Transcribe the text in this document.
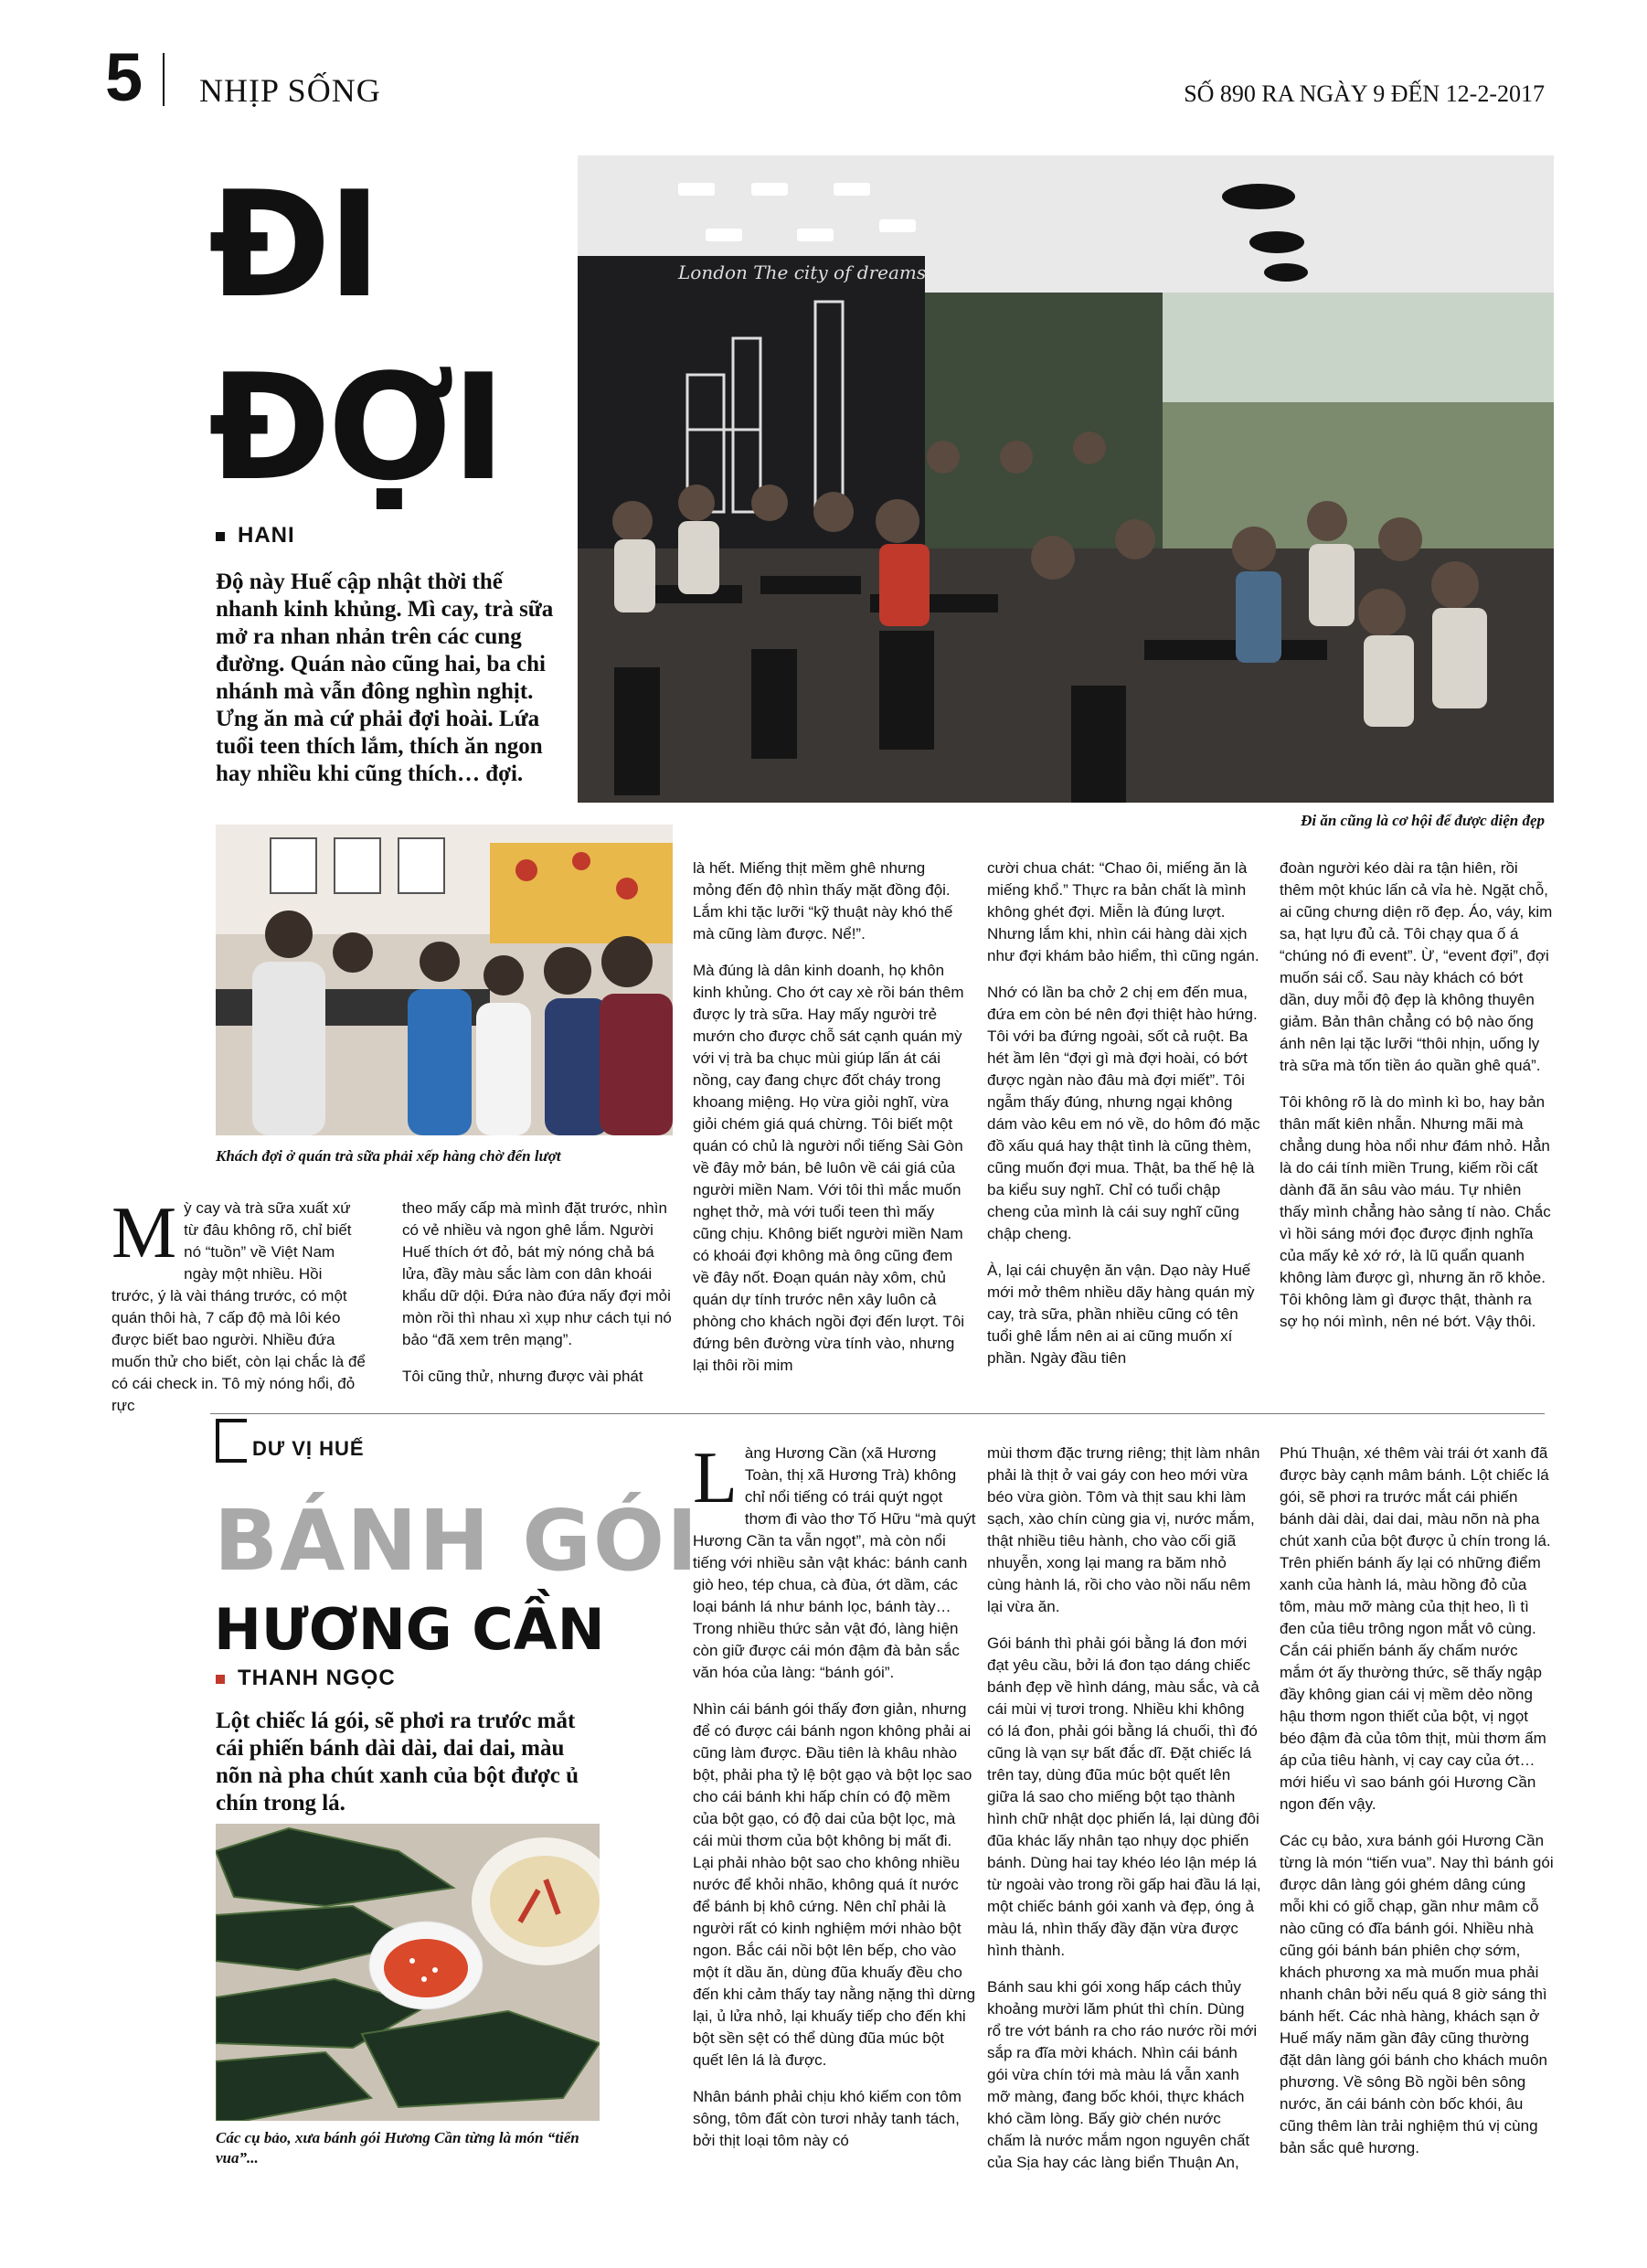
5 NHỊP SỐNG	SỐ 890 RA NGÀY 9 ĐẾN 12-2-2017
ĐI
ĐỢI
HANI
Độ này Huế cập nhật thời thế nhanh kinh khủng. Mì cay, trà sữa mở ra nhan nhản trên các cung đường. Quán nào cũng hai, ba chi nhánh mà vẫn đông nghìn nghịt. Ưng ăn mà cứ phải đợi hoài. Lứa tuổi teen thích lắm, thích ăn ngon hay nhiều khi cũng thích… đợi.
London The city of dreams
Đi ăn cũng là cơ hội để được diện đẹp
Khách đợi ở quán trà sữa phải xếp hàng chờ đến lượt
Mỳ cay và trà sữa xuất xứ từ đâu không rõ, chỉ biết nó “tuồn” về Việt Nam ngày một nhiều. Hồi trước, ý là vài tháng trước, có một quán thôi hà, 7 cấp độ mà lôi kéo được biết bao người. Nhiều đứa muốn thử cho biết, còn lại chắc là để có cái check in. Tô mỳ nóng hổi, đỏ rực

theo mấy cấp mà mình đặt trước, nhìn có vẻ nhiều và ngon ghê lắm. Người Huế thích ớt đỏ, bát mỳ nóng chả bá lửa, đầy màu sắc làm con dân khoái khẩu dữ dội. Đứa nào đứa nấy đợi mỏi mòn rồi thì nhau xì xụp như cách tụi nó bảo “đã xem trên mạng”.

Tôi cũng thử, nhưng được vài phát

là hết. Miếng thịt mềm ghê nhưng mỏng đến độ nhìn thấy mặt đồng đội. Lắm khi tặc lưỡi “kỹ thuật này khó thế mà cũng làm được. Nể!”.

Mà đúng là dân kinh doanh, họ khôn kinh khủng. Cho ớt cay xè rồi bán thêm được ly trà sữa. Hay mấy người trẻ mướn cho được chỗ sát cạnh quán mỳ với vị trà ba chục mùi giúp lấn át cái nồng, cay đang chực đốt cháy trong khoang miệng. Họ vừa giỏi nghĩ, vừa giỏi chém giá quá chừng. Tôi biết một quán có chủ là người nổi tiếng Sài Gòn về đây mở bán, bê luôn về cái giá của người miền Nam. Với tôi thì mắc muốn nghẹt thở, mà với tuổi teen thì mấy cũng chịu. Không biết người miền Nam có khoái đợi không mà ông cũng đem về đây nốt. Đoạn quán này xôm, chủ quán dự tính trước nên xây luôn cả phòng cho khách ngồi đợi đến lượt. Tôi đứng bên đường vừa tính vào, nhưng lại thôi rồi mim

cười chua chát: “Chao ôi, miếng ăn là miếng khổ.” Thực ra bản chất là mình không ghét đợi. Miễn là đúng lượt. Nhưng lắm khi, nhìn cái hàng dài xịch như đợi khám bảo hiểm, thì cũng ngán.

Nhớ có lần ba chở 2 chị em đến mua, đứa em còn bé nên đợi thiệt hào hứng. Tôi với ba đứng ngoài, sốt cả ruột. Ba hét ầm lên “đợi gì mà đợi hoài, có bớt được ngàn nào đâu mà đợi miết”. Tôi ngẫm thấy đúng, nhưng ngại không dám vào kêu em nó về, do hôm đó mặc đồ xấu quá hay thật tình là cũng thèm, cũng muốn đợi mua. Thật, ba thế hệ là ba kiểu suy nghĩ. Chỉ có tuổi chập cheng của mình là cái suy nghĩ cũng chập cheng.

À, lại cái chuyện ăn vận. Dạo này Huế mới mở thêm nhiều dãy hàng quán mỳ cay, trà sữa, phần nhiều cũng có tên tuổi ghê lắm nên ai ai cũng muốn xí phần. Ngày đầu tiên

đoàn người kéo dài ra tận hiên, rồi thêm một khúc lấn cả vỉa hè. Ngặt chỗ, ai cũng chưng diện rõ đẹp. Áo, váy, kim sa, hạt lựu đủ cả. Tôi chạy qua ố á “chúng nó đi event”. Ừ, “event đợi”, đợi muốn sái cổ. Sau này khách có bớt dần, duy mỗi độ đẹp là không thuyên giảm. Bản thân chẳng có bộ nào ống ánh nên lại tặc lưỡi “thôi nhịn, uống ly trà sữa mà tốn tiền áo quần ghê quá”.

Tôi không rõ là do mình kì bo, hay bản thân mất kiên nhẫn. Nhưng mãi mà chẳng dung hòa nổi như đám nhỏ. Hẳn là do cái tính miền Trung, kiếm rồi cất dành đã ăn sâu vào máu. Tự nhiên thấy mình chẳng hào sảng tí nào. Chắc vì hồi sáng mới đọc được định nghĩa của mấy kẻ xớ rớ, là lũ quẩn quanh không làm được gì, nhưng ăn rõ khỏe. Tôi không làm gì được thật, thành ra sợ họ nói mình, nên né bớt. Vậy thôi.

DƯ VỊ HUẾ
BÁNH GÓI
HƯƠNG CẦN
THANH NGỌC
Lột chiếc lá gói, sẽ phơi ra trước mắt cái phiến bánh dài dài, dai dai, màu nõn nà pha chút xanh của bột được ủ chín trong lá.
Các cụ bảo, xưa bánh gói Hương Cần từng là món “tiến vua”...

Làng Hương Cần (xã Hương Toàn, thị xã Hương Trà) không chỉ nổi tiếng có trái quýt ngọt thơm đi vào thơ Tố Hữu “mà quýt Hương Cần ta vẫn ngọt”, mà còn nổi tiếng với nhiều sản vật khác: bánh canh giò heo, tép chua, cà đùa, ớt dầm, các loại bánh lá như bánh lọc, bánh tày… Trong nhiều thức sản vật đó, làng hiện còn giữ được cái món đậm đà bản sắc văn hóa của làng: “bánh gói”.

Nhìn cái bánh gói thấy đơn giản, nhưng để có được cái bánh ngon không phải ai cũng làm được. Đầu tiên là khâu nhào bột, phải pha tỷ lệ bột gạo và bột lọc sao cho cái bánh khi hấp chín có độ mềm của bột gạo, có độ dai của bột lọc, mà cái mùi thơm của bột không bị mất đi. Lại phải nhào bột sao cho không nhiều nước để khỏi nhão, không quá ít nước để bánh bị khô cứng. Nên chỉ phải là người rất có kinh nghiệm mới nhào bột ngon. Bắc cái nồi bột lên bếp, cho vào một ít dầu ăn, dùng đũa khuấy đều cho đến khi cảm thấy tay nằng nặng thì dừng lại, ủ lửa nhỏ, lại khuấy tiếp cho đến khi bột sền sệt có thể dùng đũa múc bột quết lên lá là được.

Nhân bánh phải chịu khó kiếm con tôm sông, tôm đất còn tươi nhảy tanh tách, bởi thịt loại tôm này có

mùi thơm đặc trưng riêng; thịt làm nhân phải là thịt ở vai gáy con heo mới vừa béo vừa giòn. Tôm và thịt sau khi làm sạch, xào chín cùng gia vị, nước mắm, thật nhiều tiêu hành, cho vào cối giã nhuyễn, xong lại mang ra băm nhỏ cùng hành lá, rồi cho vào nồi nấu nêm lại vừa ăn.

Gói bánh thì phải gói bằng lá đon mới đạt yêu cầu, bởi lá đon tạo dáng chiếc bánh đẹp về hình dáng, màu sắc, và cả cái mùi vị tươi trong. Nhiều khi không có lá đon, phải gói bằng lá chuối, thì đó cũng là vạn sự bất đắc dĩ. Đặt chiếc lá trên tay, dùng đũa múc bột quết lên giữa lá sao cho miếng bột tạo thành hình chữ nhật dọc phiến lá, lại dùng đôi đũa khác lấy nhân tạo nhụy dọc phiến bánh. Dùng hai tay khéo léo lận mép lá từ ngoài vào trong rồi gấp hai đầu lá lại, một chiếc bánh gói xanh và đẹp, óng ả màu lá, nhìn thấy đầy đặn vừa được hình thành.

Bánh sau khi gói xong hấp cách thủy khoảng mười lăm phút thì chín. Dùng rổ tre vớt bánh ra cho ráo nước rồi mới sắp ra đĩa mời khách. Nhìn cái bánh gói vừa chín tới mà màu lá vẫn xanh mỡ màng, đang bốc khói, thực khách khó cầm lòng. Bấy giờ chén nước chấm là nước mắm ngon nguyên chất của Sịa hay các làng biển Thuận An,

Phú Thuận, xé thêm vài trái ớt xanh đã được bày cạnh mâm bánh. Lột chiếc lá gói, sẽ phơi ra trước mắt cái phiến bánh dài dài, dai dai, màu nõn nà pha chút xanh của bột được ủ chín trong lá. Trên phiến bánh ấy lại có những điểm xanh của hành lá, màu hồng đỏ của tôm, màu mỡ màng của thịt heo, lì tì đen của tiêu trông ngon mắt vô cùng. Cắn cái phiến bánh ấy chấm nước mắm ớt ấy thường thức, sẽ thấy ngập đầy không gian cái vị mềm dẻo nồng hậu thơm ngon thiết của bột, vị ngọt béo đậm đà của tôm thịt, mùi thơm ấm áp của tiêu hành, vị cay cay của ớt… mới hiểu vì sao bánh gói Hương Cần ngon đến vậy.

Các cụ bảo, xưa bánh gói Hương Cần từng là món “tiến vua”. Nay thì bánh gói được dân làng gói ghém dâng cúng mỗi khi có giỗ chạp, gần như mâm cỗ nào cũng có đĩa bánh gói. Nhiều nhà cũng gói bánh bán phiên chợ sớm, khách phương xa mà muốn mua phải nhanh chân bởi nếu quá 8 giờ sáng thì bánh hết. Các nhà hàng, khách sạn ở Huế mấy năm gần đây cũng thường đặt dân làng gói bánh cho khách muôn phương. Về sông Bồ ngồi bên sông nước, ăn cái bánh còn bốc khói, âu cũng thêm làn trải nghiệm thú vị cùng bản sắc quê hương.
